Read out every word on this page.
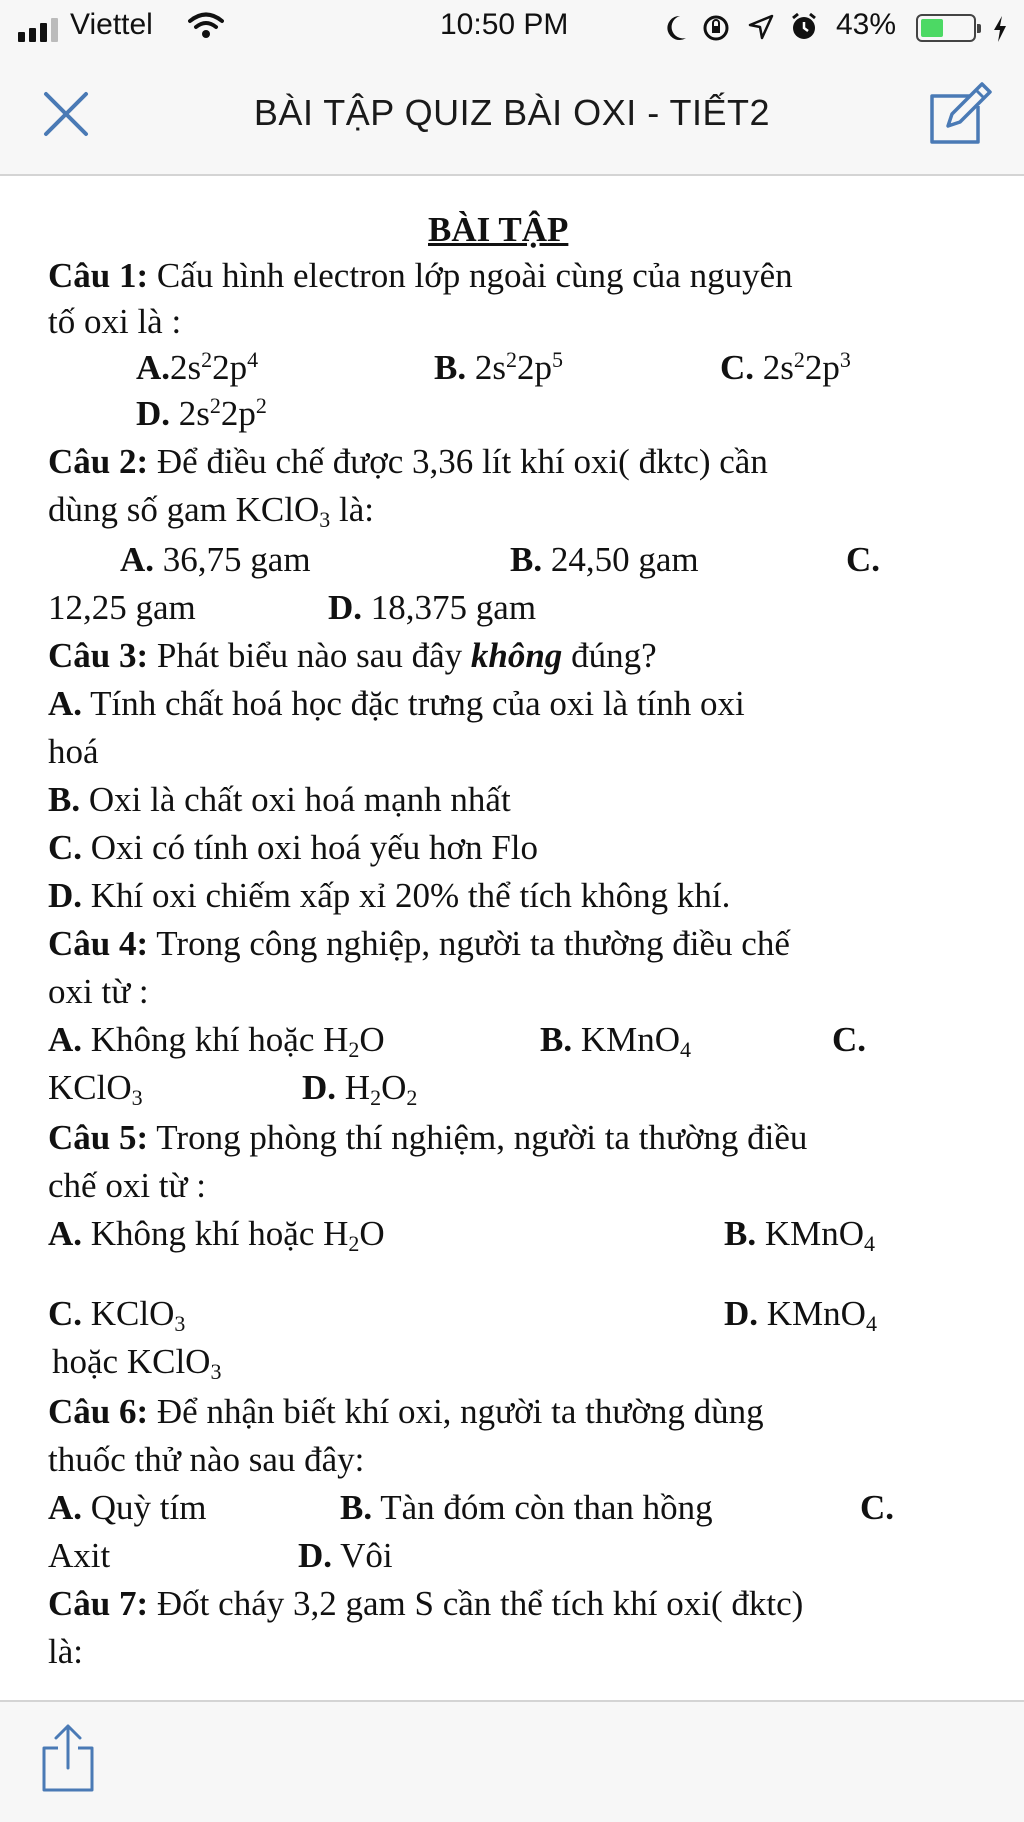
Viettel	10:50 PM	43%
BÀI TẬP QUIZ BÀI OXI - TIẾT2
BÀI TẬP
Câu 1: Cấu hình electron lớp ngoài cùng của nguyên
tố oxi là :
$A.2s^22p^4$	B. $2s^22p^5$	C. $2s^22p^3$
D. $2s^22p^2$
Câu 2: Để điều chế được 3,36 lít khí oxi( đktc) cần
dùng số gam KClO$_3$ là:
A. 36,75 gam	B. 24,50 gam	C.
12,25 gam	D. 18,375 gam
Câu 3: Phát biểu nào sau đây không đúng?
A. Tính chất hoá học đặc trưng của oxi là tính oxi
hoá
B. Oxi là chất oxi hoá mạnh nhất
C. Oxi có tính oxi hoá yếu hơn Flo
D. Khí oxi chiếm xấp xỉ 20% thể tích không khí.
Câu 4: Trong công nghiệp, người ta thường điều chế
oxi từ :
A. Không khí hoặc $H_2O$	B. KMnO$_4$	C.
KClO$_3$	D. $H_2O_2$
Câu 5: Trong phòng thí nghiệm, người ta thường điều
chế oxi từ :
A. Không khí hoặc $H_2O$	B. KMnO$_4$
C. KClO$_3$	D. KMnO$_4$
hoặc KClO$_3$
Câu 6: Để nhận biết khí oxi, người ta thường dùng
thuốc thử nào sau đây:
A. Quỳ tím	B. Tàn đóm còn than hồng	C.
Axit	D. Vôi
Câu 7: Đốt cháy 3,2 gam S cần thể tích khí oxi( đktc)
là:
